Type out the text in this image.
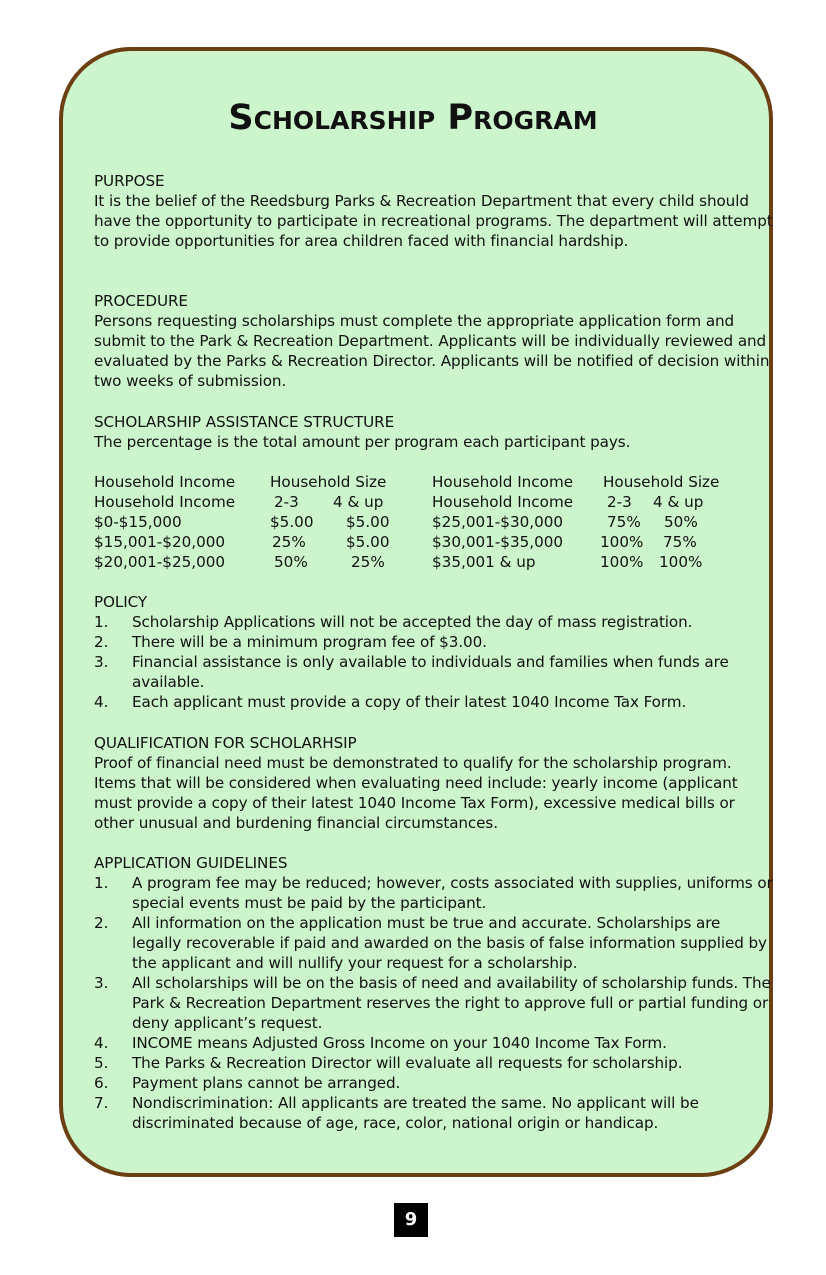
Scholarship Program

PURPOSE

It is the belief of the Reedsburg Parks & Recreation Department that every child should have the opportunity to participate in recreational programs. The department will attempt to provide opportunities for area children faced with financial hardship.

PROCEDURE

Persons requesting scholarships must complete the appropriate application form and submit to the Park & Recreation Department. Applicants will be individually reviewed and evaluated by the Parks & Recreation Director. Applicants will be notified of decision within two weeks of submission.

SCHOLARSHIP ASSISTANCE STRUCTURE

The percentage is the total amount per program each participant pays.

Household Income Household Size
Household Income	2-3 4 & up
$0-$15,000	$5.00 $5.00
$15,001-$20,000	25%	$5.00
$20,001-$25,000	50%	25%
Household Income Household Size
Household Income 2-3 4 & up
$25,001-$30,000	75% 50%
$30,001-$35,000 100% 75%
$35,001 & up	100% 100%
POLICY
1.	Scholarship Applications will not be accepted the day of mass registration.
2.	There will be a minimum program fee of $3.00.
3.	Financial assistance is only available to individuals and families when funds are available.
4.	Each applicant must provide a copy of their latest 1040 Income Tax Form.

QUALIFICATION FOR SCHOLARHSIP

Proof of financial need must be demonstrated to qualify for the scholarship program. Items that will be considered when evaluating need include: yearly income (applicant must provide a copy of their latest 1040 Income Tax Form), excessive medical bills or other unusual and burdening financial circumstances.

APPLICATION GUIDELINES
1.	A program fee may be reduced; however, costs associated with supplies, uniforms or special events must be paid by the participant.
2.	All information on the application must be true and accurate. Scholarships are legally recoverable if paid and awarded on the basis of false information supplied by the applicant and will nullify your request for a scholarship.
3.	All scholarships will be on the basis of need and availability of scholarship funds. The Park & Recreation Department reserves the right to approve full or partial funding or deny applicant’s request.
4.	INCOME means Adjusted Gross Income on your 1040 Income Tax Form.
5.	The Parks & Recreation Director will evaluate all requests for scholarship.
6.	Payment plans cannot be arranged.
7.	Nondiscrimination: All applicants are treated the same. No applicant will be discriminated because of age, race, color, national origin or handicap.
9
